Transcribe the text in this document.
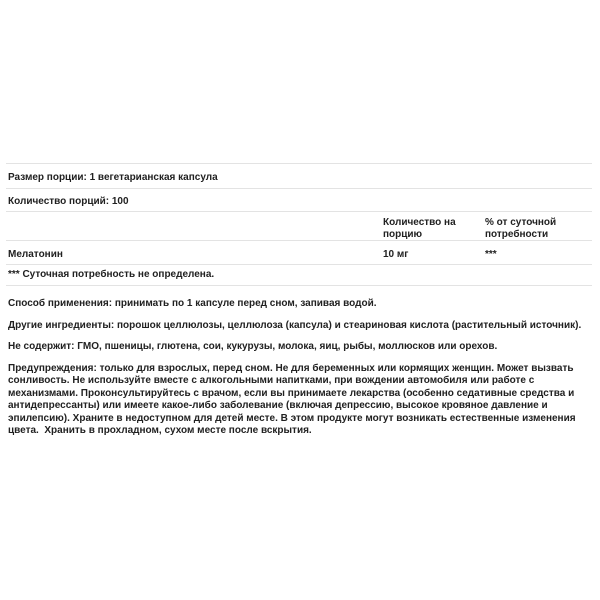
Размер порции: 1 вегетарианская капсула
Количество порций: 100
Количество на порцию
% от суточной потребности
Мелатонин	10 мг	***
*** Суточная потребность не определена.

Способ применения: принимать по 1 капсуле перед сном, запивая водой.

Другие ингредиенты: порошок целлюлозы, целлюлоза (капсула) и стеариновая кислота (растительный источник).

Не содержит: ГМО, пшеницы, глютена, сои, кукурузы, молока, яиц, рыбы, моллюсков или орехов.

Предупреждения: только для взрослых, перед сном. Не для беременных или кормящих женщин. Может вызвать сонливость. Не используйте вместе с алкогольными напитками, при вождении автомобиля или работе с механизмами. Проконсультируйтесь с врачом, если вы принимаете лекарства (особенно седативные средства и антидепрессанты) или имеете какое-либо заболевание (включая депрессию, высокое кровяное давление и эпилепсию). Храните в недоступном для детей месте. В этом продукте могут возникать естественные изменения цвета.  Хранить в прохладном, сухом месте после вскрытия.
